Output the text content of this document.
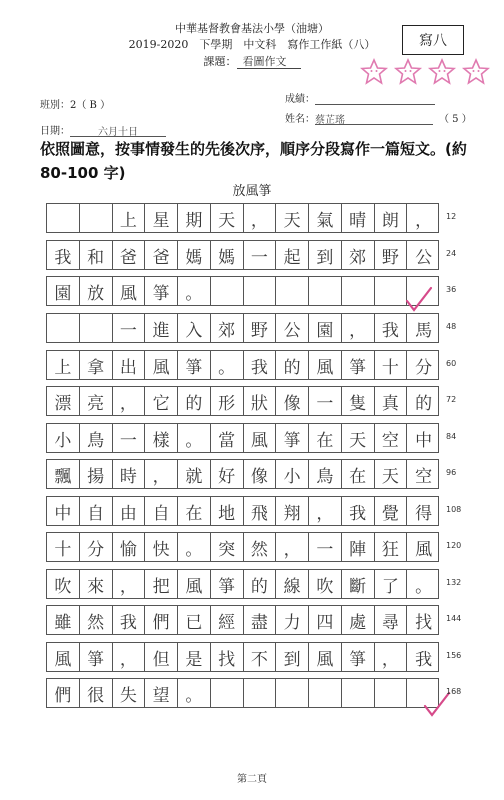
中華基督教會基法小學（油塘）
2019-2020　下學期　中文科　寫作工作紙（八）
課題： 看圖作文
寫八
班別：2（ B ）
成績：
日期：	六月十日
姓名：蔡芷瑤	（ 5 ）
依照圖意，按事情發生的先後次序，順序分段寫作一篇短文。(約 80-100 字)
放風箏
上 星 期 天 ， 天 氣 晴 朗 ，
我 和 爸 爸 媽 媽 一 起 到 郊 野 公
園 放 風 箏 。
一 進 入 郊 野 公 園 ， 我 馬
上 拿 出 風 箏 。 我 的 風 箏 十 分
漂 亮 ， 它 的 形 狀 像 一 隻 真 的
小 鳥 一 樣 。 當 風 箏 在 天 空 中
飄 揚 時 ， 就 好 像 小 鳥 在 天 空
中 自 由 自 在 地 飛 翔 ， 我 覺 得
十 分 愉 快 。 突 然 ， 一 陣 狂 風
吹 來 ， 把 風 箏 的 線 吹 斷 了 。
雖 然 我 們 已 經 盡 力 四 處 尋 找
風 箏 ， 但 是 找 不 到 風 箏 ， 我
們 很 失 望 。
第二頁
12
24
36
48
60
72
84
96
108
120
132
144
156
168
